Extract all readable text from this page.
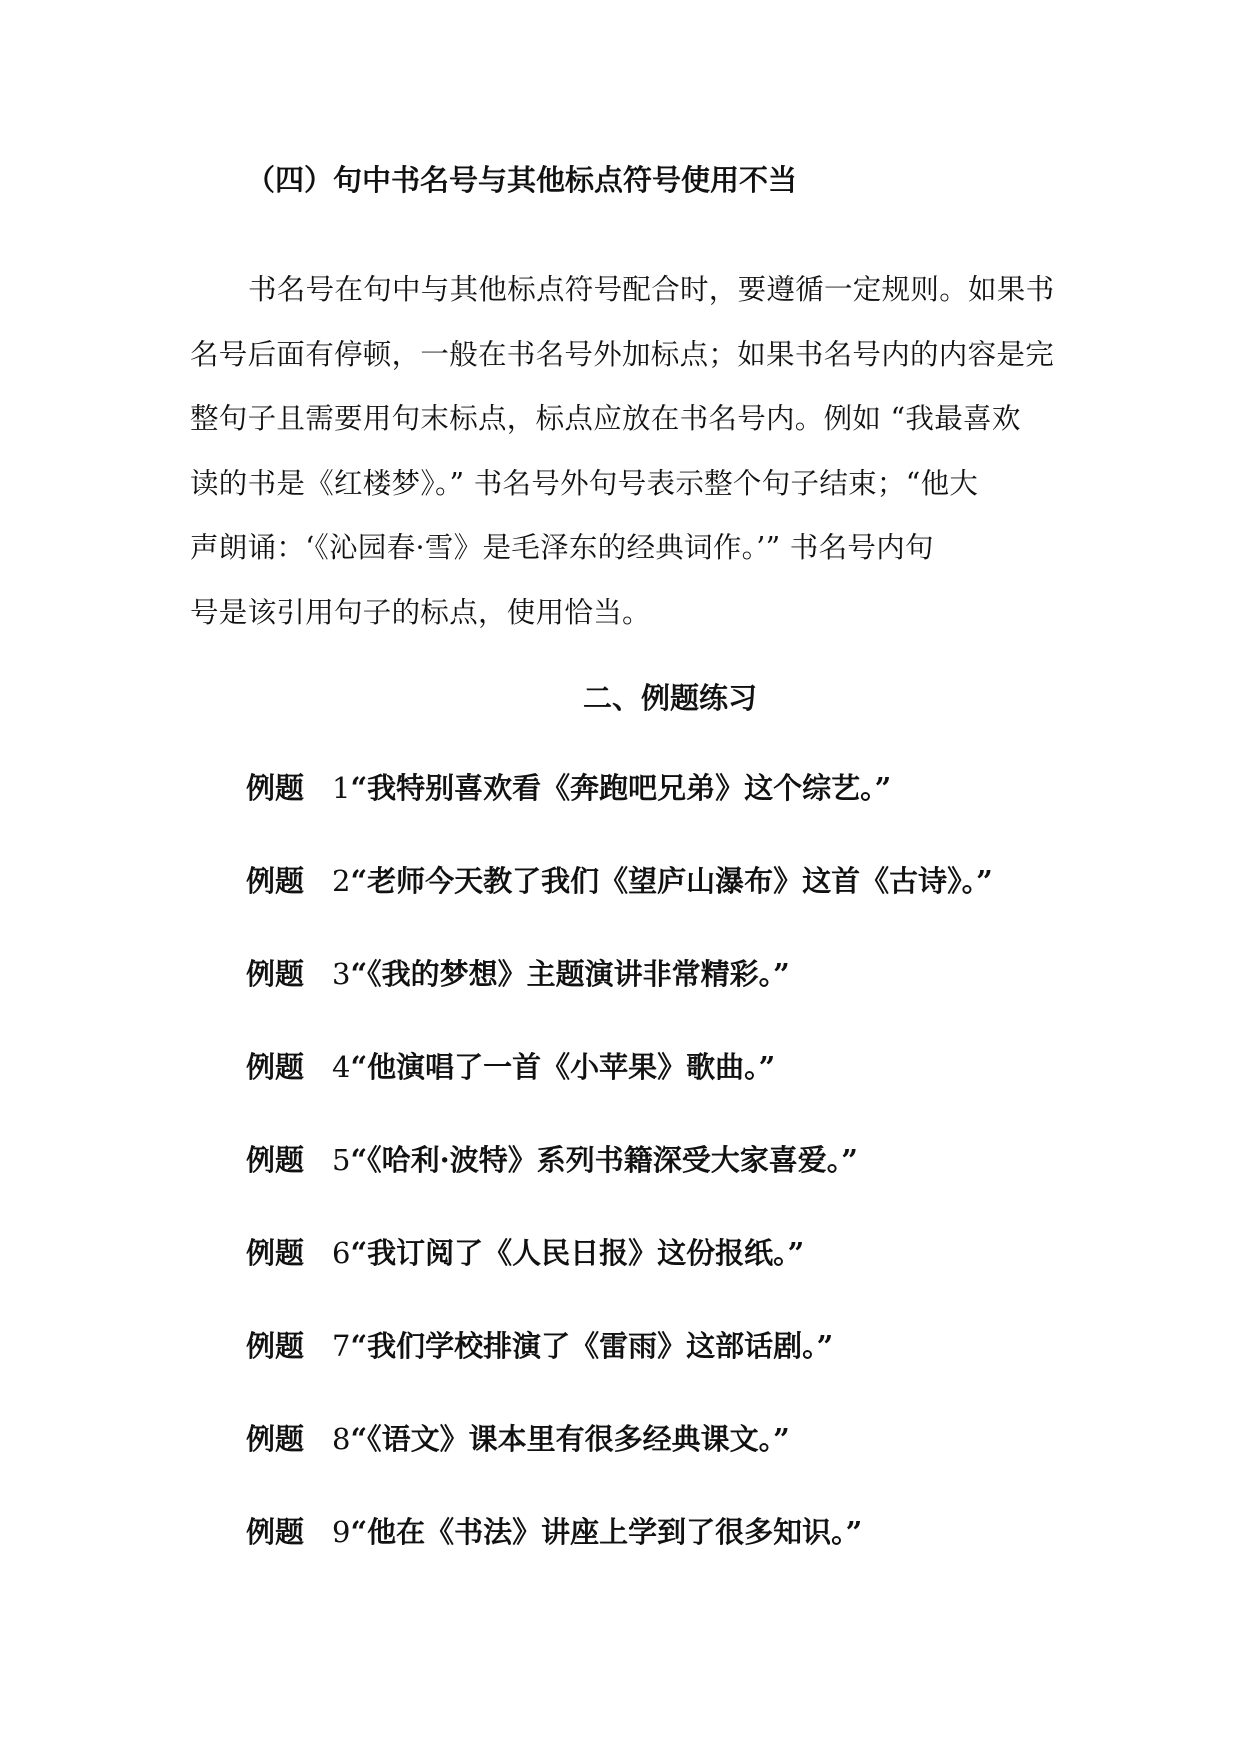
（四）句中书名号与其他标点符号使用不当
书名号在句中与其他标点符号配合时，要遵循一定规则。如果书
名号后面有停顿，一般在书名号外加标点；如果书名号内的内容是完
整句子且需要用句末标点，标点应放在书名号内。例如 “我最喜欢
读的书是《红楼梦》。” 书名号外句号表示整个句子结束；“他大
声朗诵：‘《沁园春·雪》是毛泽东的经典词作。’” 书名号内句
号是该引用句子的标点，使用恰当。
二、例题练习
例题 1“我特别喜欢看《奔跑吧兄弟》这个综艺。”
例题 2“老师今天教了我们《望庐山瀑布》这首《古诗》。”
例题 3“《我的梦想》主题演讲非常精彩。”
例题 4“他演唱了一首《小苹果》歌曲。”
例题 5“《哈利·波特》系列书籍深受大家喜爱。”
例题 6“我订阅了《人民日报》这份报纸。”
例题 7“我们学校排演了《雷雨》这部话剧。”
例题 8“《语文》课本里有很多经典课文。”
例题 9“他在《书法》讲座上学到了很多知识。”
